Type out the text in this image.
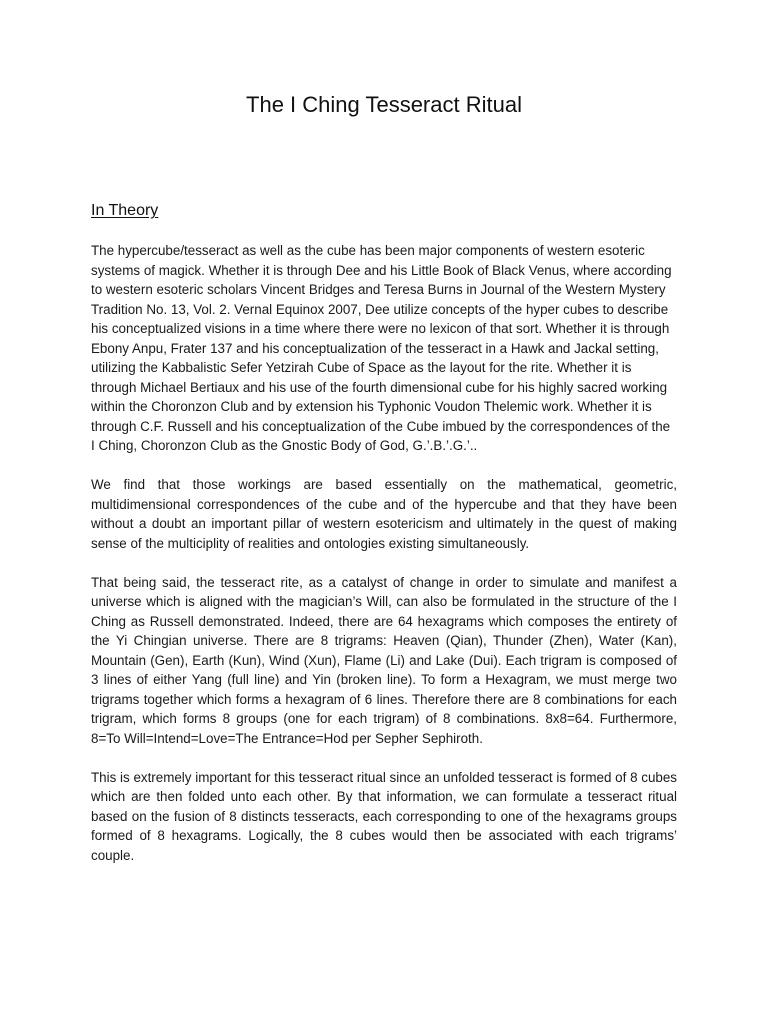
The I Ching Tesseract Ritual
In Theory

The hypercube/tesseract as well as the cube has been major components of western esoteric systems of magick. Whether it is through Dee and his Little Book of Black Venus, where according to western esoteric scholars Vincent Bridges and Teresa Burns in Journal of the Western Mystery Tradition No. 13, Vol. 2. Vernal Equinox 2007, Dee utilize concepts of the hyper cubes to describe his conceptualized visions in a time where there were no lexicon of that sort. Whether it is through Ebony Anpu, Frater 137 and his conceptualization of the tesseract in a Hawk and Jackal setting, utilizing the Kabbalistic Sefer Yetzirah Cube of Space as the layout for the rite. Whether it is through Michael Bertiaux and his use of the fourth dimensional cube for his highly sacred working within the Choronzon Club and by extension his Typhonic Voudon Thelemic work. Whether it is through C.F. Russell and his conceptualization of the Cube imbued by the correspondences of the I Ching, Choronzon Club as the Gnostic Body of God, G.’.B.’.G.’..

We find that those workings are based essentially on the mathematical, geometric, multidimensional correspondences of the cube and of the hypercube and that they have been without a doubt an important pillar of western esotericism and ultimately in the quest of making sense of the multiciplity of realities and ontologies existing simultaneously.

That being said, the tesseract rite, as a catalyst of change in order to simulate and manifest a universe which is aligned with the magician’s Will, can also be formulated in the structure of the I Ching as Russell demonstrated. Indeed, there are 64 hexagrams which composes the entirety of the Yi Chingian universe. There are 8 trigrams: Heaven (Qian), Thunder (Zhen), Water (Kan), Mountain (Gen), Earth (Kun), Wind (Xun), Flame (Li) and Lake (Dui). Each trigram is composed of 3 lines of either Yang (full line) and Yin (broken line). To form a Hexagram, we must merge two trigrams together which forms a hexagram of 6 lines. Therefore there are 8 combinations for each trigram, which forms 8 groups (one for each trigram) of 8 combinations. 8x8=64. Furthermore, 8=To Will=Intend=Love=The Entrance=Hod per Sepher Sephiroth.

This is extremely important for this tesseract ritual since an unfolded tesseract is formed of 8 cubes which are then folded unto each other. By that information, we can formulate a tesseract ritual based on the fusion of 8 distincts tesseracts, each corresponding to one of the hexagrams groups formed of 8 hexagrams. Logically, the 8 cubes would then be associated with each trigrams’ couple.
